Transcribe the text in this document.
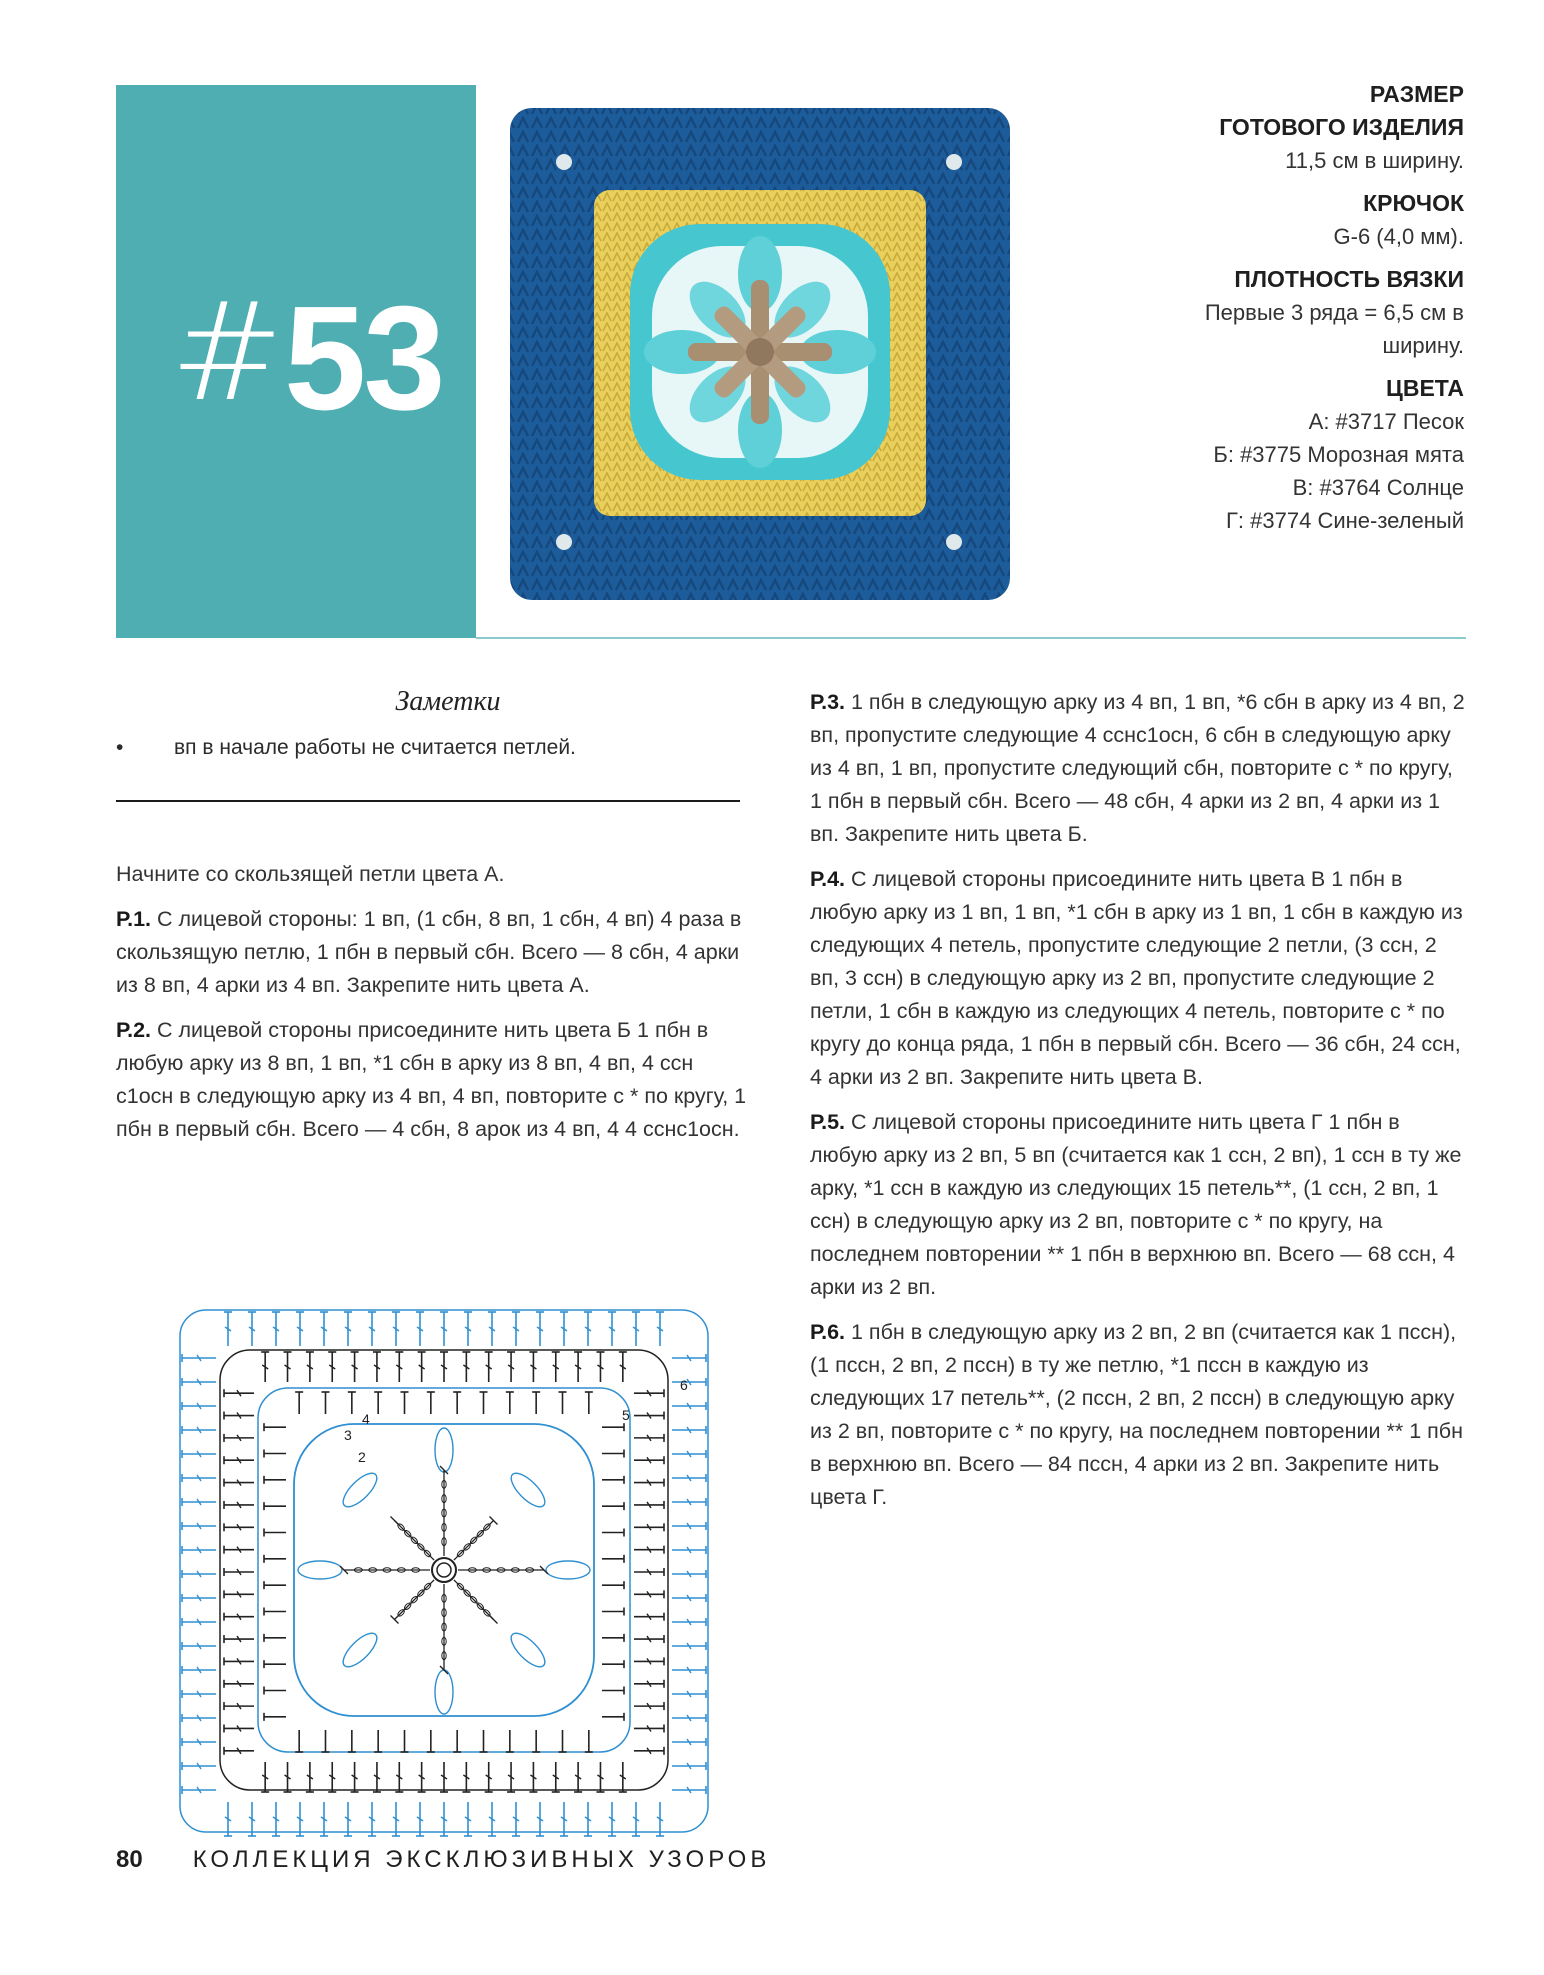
#53
РАЗМЕР
ГОТОВОГО ИЗДЕЛИЯ
11,5 см в ширину.
КРЮЧОК
G-6 (4,0 мм).
ПЛОТНОСТЬ ВЯЗКИ
Первые 3 ряда = 6,5 см в
ширину.
ЦВЕТА
А: #3717 Песок
Б: #3775 Морозная мята
В: #3764 Солнце
Г: #3774 Сине-зеленый
Заметки
•	вп в начале работы не считается петлей.

Начните со скользящей петли цвета А.

Р.1. С лицевой стороны: 1 вп, (1 сбн, 8 вп, 1 сбн, 4 вп) 4 раза в скользящую петлю, 1 пбн в первый сбн. Всего — 8 сбн, 4 арки из 8 вп, 4 арки из 4 вп. Закрепите нить цвета А.

Р.2. С лицевой стороны присоедините нить цвета Б 1 пбн в любую арку из 8 вп, 1 вп, *1 сбн в арку из 8 вп, 4 вп, 4 ссн с1осн в следующую арку из 4 вп, 4 вп, повторите с * по кругу, 1 пбн в первый сбн. Всего — 4 сбн, 8 арок из 4 вп, 4 4 сснс1осн.

Р.3. 1 пбн в следующую арку из 4 вп, 1 вп, *6 сбн в арку из 4 вп, 2 вп, пропустите следующие 4 сснс1осн, 6 сбн в следующую арку из 4 вп, 1 вп, пропустите следующий сбн, повторите с * по кругу, 1 пбн в первый сбн. Всего — 48 сбн, 4 арки из 2 вп, 4 арки из 1 вп. Закрепите нить цвета Б.

Р.4. С лицевой стороны присоедините нить цвета В 1 пбн в любую арку из 1 вп, 1 вп, *1 сбн в арку из 1 вп, 1 сбн в каждую из следующих 4 петель, пропустите следующие 2 петли, (3 ссн, 2 вп, 3 ссн) в следующую арку из 2 вп, пропустите следующие 2 петли, 1 сбн в каждую из следующих 4 петель, повторите с * по кругу до конца ряда, 1 пбн в первый сбн. Всего — 36 сбн, 24 ссн, 4 арки из 2 вп. Закрепите нить цвета В.

Р.5. С лицевой стороны присоедините нить цвета Г 1 пбн в любую арку из 2 вп, 5 вп (считается как 1 ссн, 2 вп), 1 ссн в ту же арку, *1 ссн в каждую из следующих 15 петель**, (1 ссн, 2 вп, 1 ссн) в следующую арку из 2 вп, повторите с * по кругу, на последнем повторении ** 1 пбн в верхнюю вп. Всего — 68 ссн, 4 арки из 2 вп.

Р.6. 1 пбн в следующую арку из 2 вп, 2 вп (считается как 1 пссн), (1 пссн, 2 вп, 2 пссн) в ту же петлю, *1 пссн в каждую из следующих 17 петель**, (2 пссн, 2 вп, 2 пссн) в следующую арку из 2 вп, повторите с * по кругу, на последнем повторении ** 1 пбн в верхнюю вп. Всего — 84 пссн, 4 арки из 2 вп. Закрепите нить цвета Г.

2
3
4	5
6
80 КОЛЛЕКЦИЯ ЭКСКЛЮЗИВНЫХ УЗОРОВ
